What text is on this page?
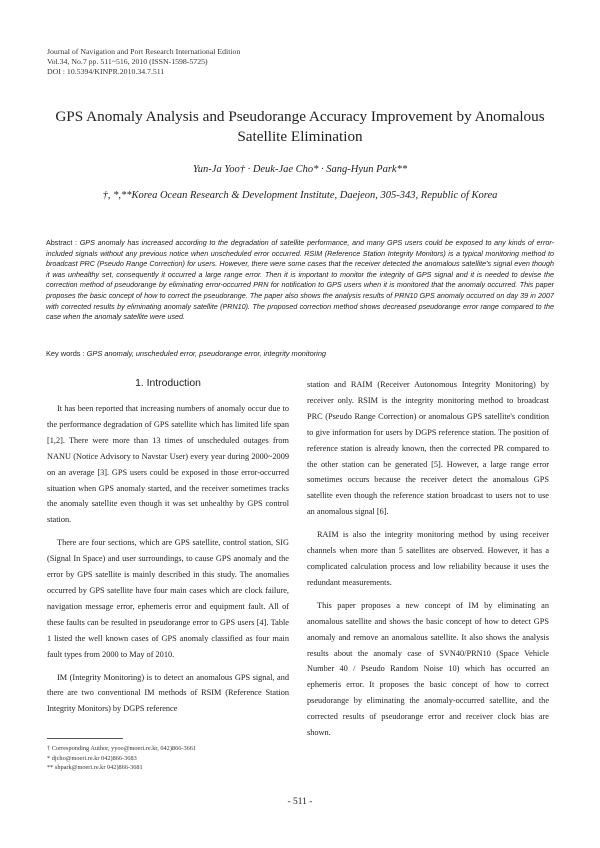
Journal of Navigation and Port Research International Edition
Vol.34, No.7 pp. 511~516, 2010 (ISSN-1598-5725)
DOI : 10.5394/KINPR.2010.34.7.511
GPS Anomaly Analysis and Pseudorange Accuracy Improvement by Anomalous Satellite Elimination
Yun-Ja Yoo† · Deuk-Jae Cho* · Sang-Hyun Park**
†, *,**Korea Ocean Research & Development Institute, Daejeon, 305-343, Republic of Korea
Abstract : GPS anomaly has increased according to the degradation of satellite performance, and many GPS users could be exposed to any kinds of error-included signals without any previous notice when unscheduled error occurred. RSIM (Reference Station Integrity Monitors) is a typical monitoring method to broadcast PRC (Pseudo Range Correction) for users. However, there were some cases that the receiver detected the anomalous satellite's signal even though it was unhealthy set, consequently it occurred a large range error. Then it is important to monitor the integrity of GPS signal and it is needed to devise the correction method of pseudorange by eliminating error-occurred PRN for notification to GPS users when it is monitored that the anomaly occurred. This paper proposes the basic concept of how to correct the pseudorange. The paper also shows the analysis results of PRN10 GPS anomaly occurred on day 39 in 2007 with corrected results by eliminating anomaly satellite (PRN10). The proposed correction method shows decreased pseudorange error range compared to the case when the anomaly satellite were used.
Key words : GPS anomaly, unscheduled error, pseudorange error, integrity monitoring
1. Introduction

It has been reported that increasing numbers of anomaly occur due to the performance degradation of GPS satellite which has limited life span [1,2]. There were more than 13 times of unscheduled outages from NANU (Notice Advisory to Navstar User) every year during 2000~2009 on an average [3]. GPS users could be exposed in those error-occurred situation when GPS anomaly started, and the receiver sometimes tracks the anomaly satellite even though it was set unhealthy by GPS control station.

There are four sections, which are GPS satellite, control station, SIG (Signal In Space) and user surroundings, to cause GPS anomaly and the error by GPS satellite is mainly described in this study. The anomalies occurred by GPS satellite have four main cases which are clock failure, navigation message error, ephemeris error and equipment fault. All of these faults can be resulted in pseudorange error to GPS users [4]. Table 1 listed the well known cases of GPS anomaly classified as four main fault types from 2000 to May of 2010.

IM (Integrity Monitoring) is to detect an anomalous GPS signal, and there are two conventional IM methods of RSIM (Reference Station Integrity Monitors) by DGPS reference

station and RAIM (Receiver Autonomous Integrity Monitoring) by receiver only. RSIM is the integrity monitoring method to broadcast PRC (Pseudo Range Correction) or anomalous GPS satellite's condition to give information for users by DGPS reference station. The position of reference station is already known, then the corrected PR compared to the other station can be generated [5]. However, a large range error sometimes occurs because the receiver detect the anomalous GPS satellite even though the reference station broadcast to users not to use an anomalous signal [6].

RAIM is also the integrity monitoring method by using receiver channels when more than 5 satellites are observed. However, it has a complicated calculation process and low reliability because it uses the redundant measurements.

This paper proposes a new concept of IM by eliminating an anomalous satellite and shows the basic concept of how to detect GPS anomaly and remove an anomalous satellite. It also shows the analysis results about the anomaly case of SVN40/PRN10 (Space Vehicle Number 40 / Pseudo Random Noise 10) which has occurred an ephemeris error. It proposes the basic concept of how to correct pseudorange by eliminating the anomaly-occurred satellite, and the corrected results of pseudorange error and receiver clock bias are shown.

† Corresponding Author, yyoo@moeri.re.kr, 042)866-3661
* djcho@moeri.re.kr 042)866-3683
** shpark@moeri.re.kr 042)866-3681
- 511 -
